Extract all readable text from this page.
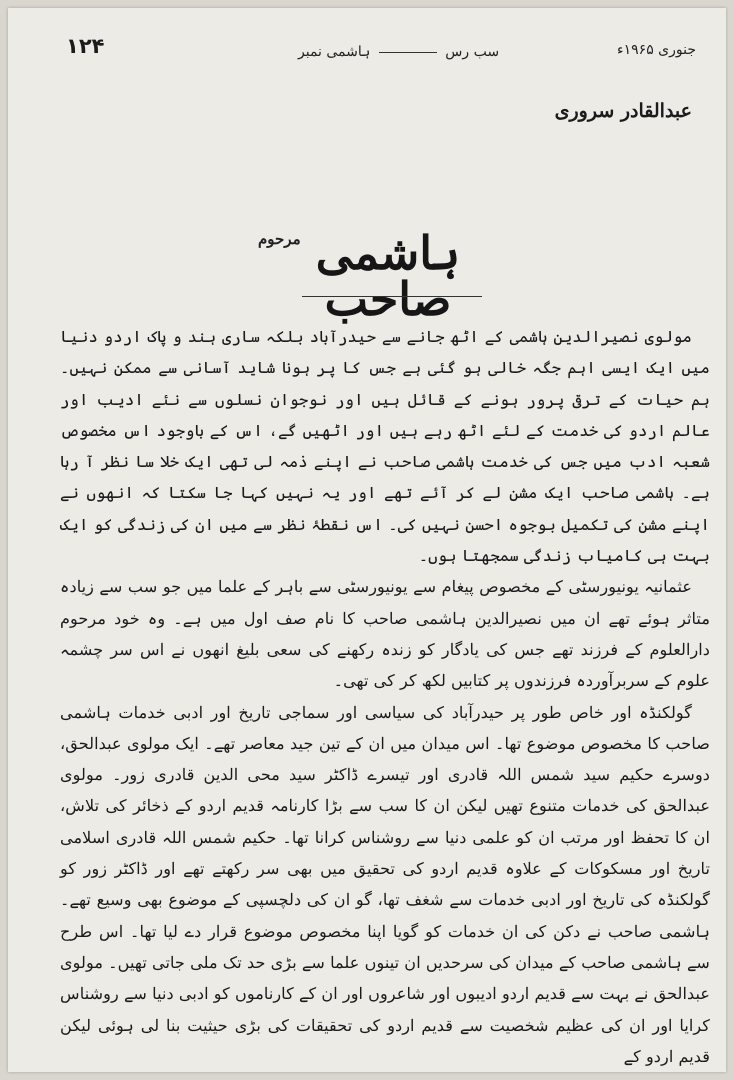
۱۲۴	سب رس  ہاشمی نمبر	جنوری ۱۹۶۵ء
عبدالقادر سروری
ہاشمی صاحب
مرحوم

مولوی نصیرالدین ہاشمی کے اٹھ جانے سے حیدرآباد بلکہ ساری ہند و پاک اردو دنیا میں ایک ایسی اہم جگہ خالی ہو گئی ہے جس کا پر ہونا شاید آسانی سے ممکن نہیں۔ ہم حیات کے ترقی پرور ہونے کے قائل ہیں اور نوجوان نسلوں سے نئے ادیب اور عالم اردو کی خدمت کے لئے اٹھ رہے ہیں اور اٹھیں گے، اس کے باوجود اس مخصوص شعبہ ادب میں جس کی خدمت ہاشمی صاحب نے اپنے ذمہ لی تھی ایک خلا سا نظر آ رہا ہے۔ ہاشمی صاحب ایک مشن لے کر آئے تھے اور یہ نہیں کہا جا سکتا کہ انھوں نے اپنے مشن کی تکمیل بوجوہ احسن نہیں کی۔ اس نقطۂ نظر سے میں ان کی زندگی کو ایک بہت ہی کامیاب زندگی سمجھتا ہوں۔

عثمانیہ یونیورسٹی کے مخصوص پیغام سے یونیورسٹی سے باہر کے علما میں جو سب سے زیادہ متاثر ہوئے تھے ان میں نصیرالدین ہاشمی صاحب کا نام صف اول میں ہے۔ وہ خود مرحوم دارالعلوم کے فرزند تھے جس کی یادگار کو زندہ رکھنے کی سعی بلیغ انھوں نے اس سر چشمہ علوم کے سربرآوردہ فرزندوں پر کتابیں لکھ کر کی تھی۔

گولکنڈہ اور خاص طور پر حیدرآباد کی سیاسی اور سماجی تاریخ اور ادبی خدمات ہاشمی صاحب کا مخصوص موضوع تھا۔ اس میدان میں ان کے تین جید معاصر تھے۔ ایک مولوی عبدالحق، دوسرے حکیم سید شمس اللہ قادری اور تیسرے ڈاکٹر سید محی الدین قادری زور۔ مولوی عبدالحق کی خدمات متنوع تھیں لیکن ان کا سب سے بڑا کارنامہ قدیم اردو کے ذخائر کی تلاش، ان کا تحفظ اور مرتب ان کو علمی دنیا سے روشناس کرانا تھا۔ حکیم شمس اللہ قادری اسلامی تاریخ اور مسکوکات کے علاوہ قدیم اردو کی تحقیق میں بھی سر رکھتے تھے اور ڈاکٹر زور کو گولکنڈہ کی تاریخ اور ادبی خدمات سے شغف تھا، گو ان کی دلچسپی کے موضوع بھی وسیع تھے۔ ہاشمی صاحب نے دکن کی ان خدمات کو گویا اپنا مخصوص موضوع قرار دے لیا تھا۔ اس طرح سے ہاشمی صاحب کے میدان کی سرحدیں ان تینوں علما سے بڑی حد تک ملی جاتی تھیں۔ مولوی عبدالحق نے بہت سے قدیم اردو ادیبوں اور شاعروں اور ان کے کارناموں کو ادبی دنیا سے روشناس کرایا اور ان کی عظیم شخصیت سے قدیم اردو کی تحقیقات کی بڑی حیثیت بنا لی ہوئی لیکن قدیم اردو کے
